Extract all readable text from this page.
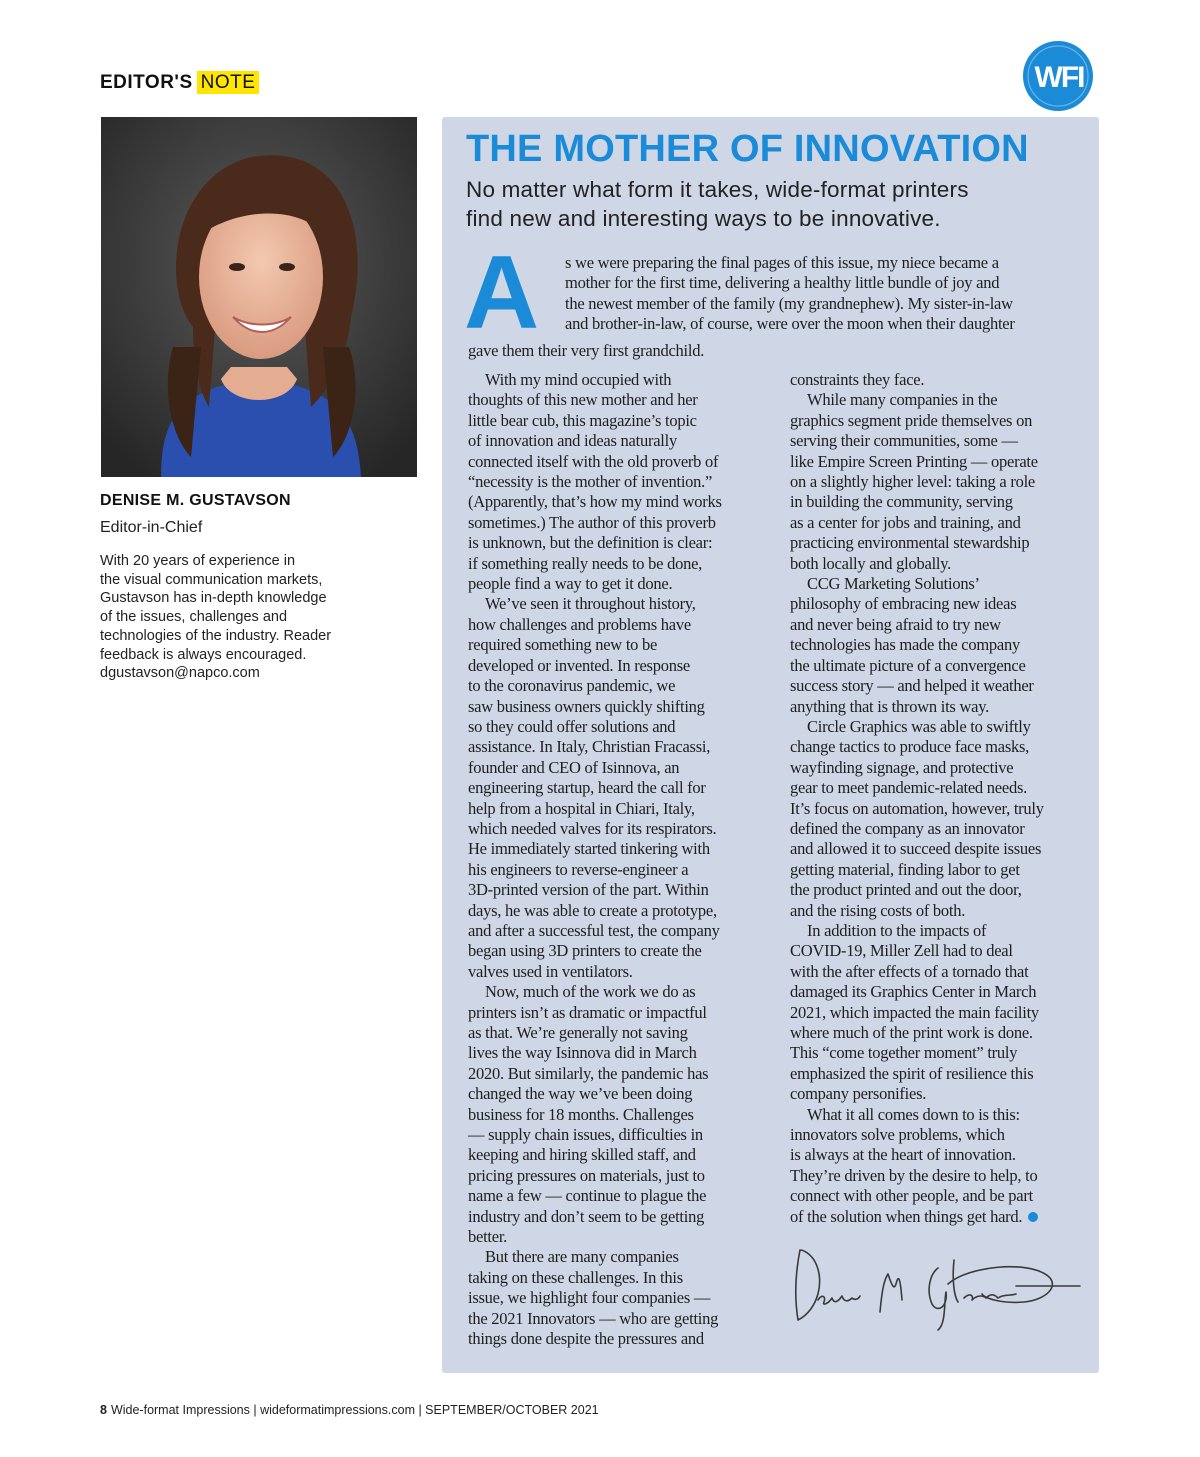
EDITOR'S NOTE	WFI
DENISE M. GUSTAVSON
Editor-in-Chief
With 20 years of experience in
the visual communication markets,
Gustavson has in-depth knowledge
of the issues, challenges and
technologies of the industry. Reader
feedback is always encouraged.
dgustavson@napco.com
THE MOTHER OF INNOVATION
No matter what form it takes, wide-format printers
find new and interesting ways to be innovative.
A s we were preparing the final pages of this issue, my niece became a
mother for the first time, delivering a healthy little bundle of joy and
the newest member of the family (my grandnephew). My sister-in-law
and brother-in-law, of course, were over the moon when their daughter
gave them their very first grandchild.
With my mind occupied with
thoughts of this new mother and her
little bear cub, this magazine’s topic
of innovation and ideas naturally
connected itself with the old proverb of
“necessity is the mother of invention.”
(Apparently, that’s how my mind works
sometimes.) The author of this proverb
is unknown, but the definition is clear:
if something really needs to be done,
people find a way to get it done.
We’ve seen it throughout history,
how challenges and problems have
required something new to be
developed or invented. In response
to the coronavirus pandemic, we
saw business owners quickly shifting
so they could offer solutions and
assistance. In Italy, Christian Fracassi,
founder and CEO of Isinnova, an
engineering startup, heard the call for
help from a hospital in Chiari, Italy,
which needed valves for its respirators.
He immediately started tinkering with
his engineers to reverse-engineer a
3D-printed version of the part. Within
days, he was able to create a prototype,
and after a successful test, the company
began using 3D printers to create the
valves used in ventilators.
Now, much of the work we do as
printers isn’t as dramatic or impactful
as that. We’re generally not saving
lives the way Isinnova did in March
2020. But similarly, the pandemic has
changed the way we’ve been doing
business for 18 months. Challenges
— supply chain issues, difficulties in
keeping and hiring skilled staff, and
pricing pressures on materials, just to
name a few — continue to plague the
industry and don’t seem to be getting
better.
But there are many companies
taking on these challenges. In this
issue, we highlight four companies —
the 2021 Innovators — who are getting
things done despite the pressures and
constraints they face.
While many companies in the
graphics segment pride themselves on
serving their communities, some —
like Empire Screen Printing — operate
on a slightly higher level: taking a role
in building the community, serving
as a center for jobs and training, and
practicing environmental stewardship
both locally and globally.
CCG Marketing Solutions’
philosophy of embracing new ideas
and never being afraid to try new
technologies has made the company
the ultimate picture of a convergence
success story — and helped it weather
anything that is thrown its way.
Circle Graphics was able to swiftly
change tactics to produce face masks,
wayfinding signage, and protective
gear to meet pandemic-related needs.
It’s focus on automation, however, truly
defined the company as an innovator
and allowed it to succeed despite issues
getting material, finding labor to get
the product printed and out the door,
and the rising costs of both.
In addition to the impacts of
COVID-19, Miller Zell had to deal
with the after effects of a tornado that
damaged its Graphics Center in March
2021, which impacted the main facility
where much of the print work is done.
This “come together moment” truly
emphasized the spirit of resilience this
company personifies.
What it all comes down to is this:
innovators solve problems, which
is always at the heart of innovation.
They’re driven by the desire to help, to
connect with other people, and be part
of the solution when things get hard.
8 Wide-format Impressions | wideformatimpressions.com | SEPTEMBER/OCTOBER 2021
